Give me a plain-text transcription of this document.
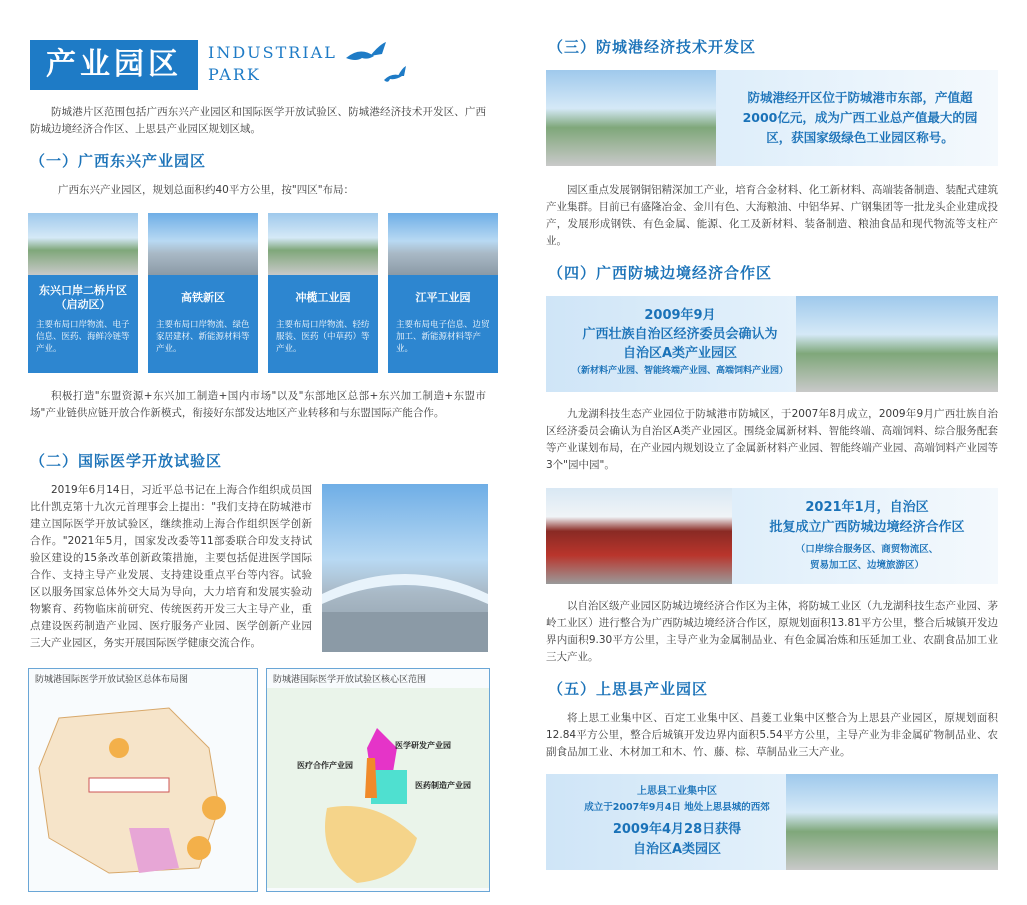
产业园区	INDUSTRIAL
PARK
防城港片区范围包括广西东兴产业园区和国际医学开放试验区、防城港经济技术开发区、广西防城边境经济合作区、上思县产业园区规划区域。
（一）广西东兴产业园区
广西东兴产业园区，规划总面积约40平方公里，按"四区"布局：
东兴口岸二桥片区
（启动区）
主要布局口岸物流、电子信息、医药、海鲜冷链等产业。
高铁新区
主要布局口岸物流、绿色家居建材、新能源材料等产业。
冲榄工业园
主要布局口岸物流、轻纺服装、医药（中草药）等产业。
江平工业园
主要布局电子信息、边贸加工、新能源材料等产业。
积极打造"东盟资源+东兴加工制造+国内市场"以及"东部地区总部+东兴加工制造+东盟市场"产业链供应链开放合作新模式，衔接好东部发达地区产业转移和与东盟国际产能合作。
（二）国际医学开放试验区
2019年6月14日，习近平总书记在上海合作组织成员国比什凯克第十九次元首理事会上提出："我们支持在防城港市建立国际医学开放试验区，继续推动上海合作组织医学创新合作。"2021年5月，国家发改委等11部委联合印发支持试验区建设的15条改革创新政策措施，主要包括促进医学国际合作、支持主导产业发展、支持建设重点平台等内容。试验区以服务国家总体外交大局为导向，大力培育和发展实验动物繁育、药物临床前研究、传统医药开发三大主导产业，重点建设医药制造产业园、医疗服务产业园、医学创新产业园三大产业园区，务实开展国际医学健康交流合作。
防城港国际医学开放试验区总体布局图	防城港国际医学开放试验区核心区范围
医学研发产业园
医疗合作产业园
医药制造产业园
（三）防城港经济技术开发区
防城港经开区位于防城港市东部，产值超2000亿元，成为广西工业总产值最大的园区，获国家级绿色工业园区称号。
园区重点发展钢铜铝精深加工产业，培育合金材料、化工新材料、高端装备制造、装配式建筑产业集群。目前已有盛隆冶金、金川有色、大海粮油、中铝华昇、广钢集团等一批龙头企业建成投产，发展形成钢铁、有色金属、能源、化工及新材料、装备制造、粮油食品和现代物流等支柱产业。
（四）广西防城边境经济合作区
2009年9月
广西壮族自治区经济委员会确认为
自治区A类产业园区
（新材料产业园、智能终端产业园、高端饲料产业园）
九龙湖科技生态产业园位于防城港市防城区，于2007年8月成立，2009年9月广西壮族自治区经济委员会确认为自治区A类产业园区。围绕金属新材料、智能终端、高端饲料、综合服务配套等产业谋划布局，在产业园内规划设立了金属新材料产业园、智能终端产业园、高端饲料产业园等3个"园中园"。
2021年1月，自治区
批复成立广西防城边境经济合作区
（口岸综合服务区、商贸物流区、
贸易加工区、边境旅游区）
以自治区级产业园区防城边境经济合作区为主体，将防城工业区（九龙湖科技生态产业园、茅岭工业区）进行整合为广西防城边境经济合作区，原规划面积13.81平方公里，整合后城镇开发边界内面积9.30平方公里，主导产业为金属制品业、有色金属冶炼和压延加工业、农副食品加工业三大产业。
（五）上思县产业园区
将上思工业集中区、百定工业集中区、昌菱工业集中区整合为上思县产业园区，原规划面积12.84平方公里，整合后城镇开发边界内面积5.54平方公里，主导产业为非金属矿物制品业、农副食品加工业、木材加工和木、竹、藤、棕、草制品业三大产业。
上思县工业集中区
成立于2007年9月4日 地处上思县城的西郊
2009年4月28日获得
自治区A类园区
